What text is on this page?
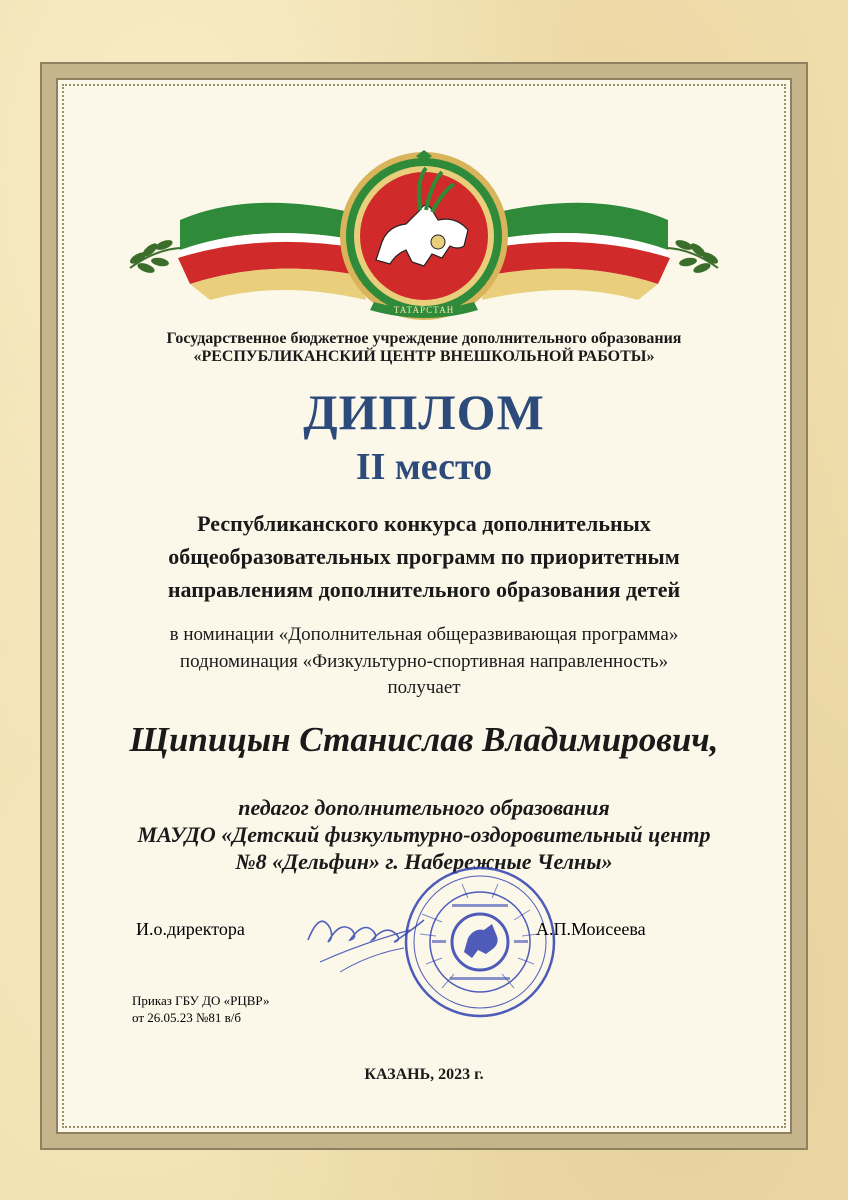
ТАТАРСТАН
Государственное бюджетное учреждение дополнительного образования
«РЕСПУБЛИКАНСКИЙ ЦЕНТР ВНЕШКОЛЬНОЙ РАБОТЫ»
ДИПЛОМ
II место
Республиканского конкурса дополнительных
общеобразовательных программ по приоритетным
направлениям дополнительного образования детей
в номинации «Дополнительная общеразвивающая программа»
подноминация «Физкультурно-спортивная направленность»
получает
Щипицын Станислав Владимирович,
педагог дополнительного образования
МАУДО «Детский физкультурно-оздоровительный центр
№8 «Дельфин» г. Набережные Челны»
И.о.директора	А.П.Моисеева
Приказ ГБУ ДО «РЦВР»
от 26.05.23 №81 в/б
КАЗАНЬ, 2023 г.
